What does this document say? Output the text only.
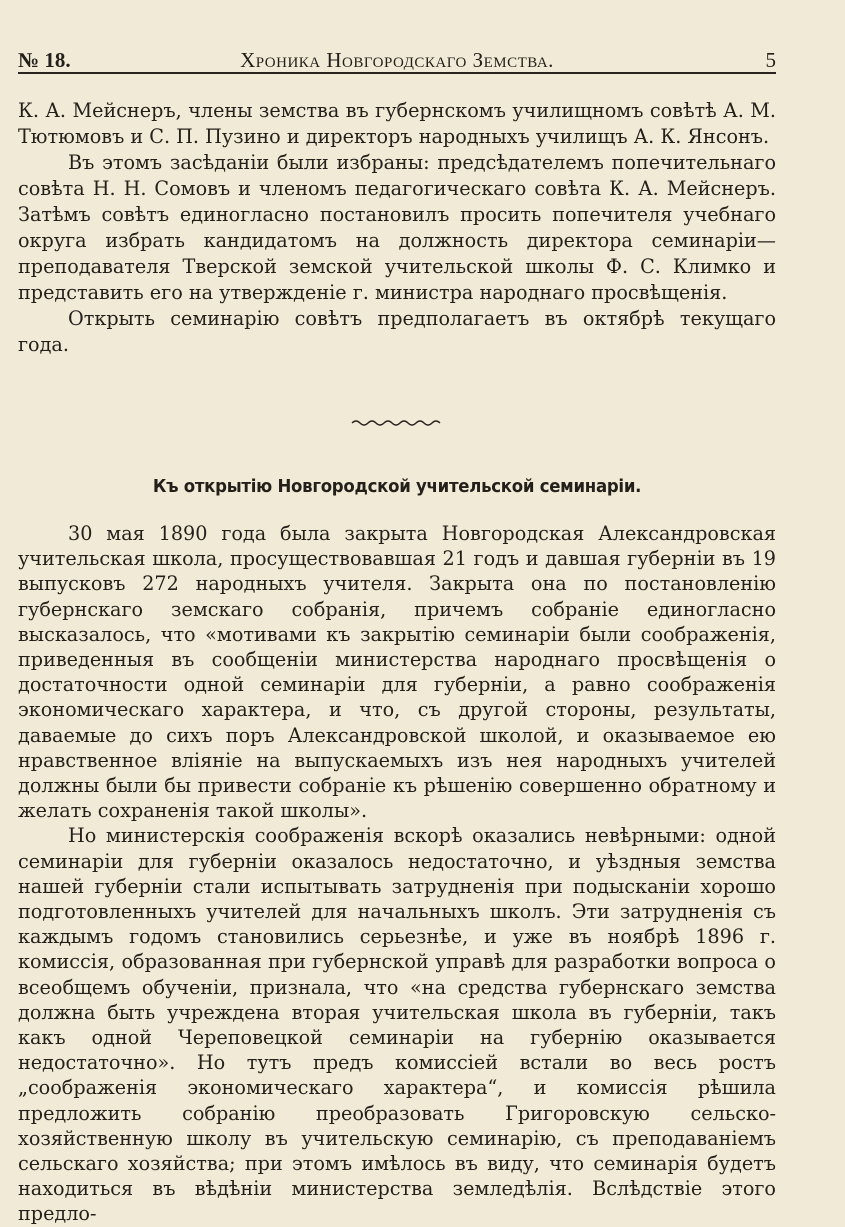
№ 18.	Хроника Новгородскаго Земства.	5

К. А. Мейснеръ, члены земства въ губернскомъ училищномъ совѣтѣ А. М. Тютюмовъ и С. П. Пузино и директоръ народныхъ училищъ А. К. Янсонъ.

Въ этомъ засѣданiи были избраны: предсѣдателемъ попечительнаго совѣта Н. Н. Сомовъ и членомъ педагогическаго совѣта К. А. Мейснеръ. Затѣмъ совѣтъ единогласно постановилъ просить попечителя учебнаго округа избрать кандидатомъ на должность директора семинарiи— преподавателя Тверской земской учительской школы Ф. С. Климко и представить его на утвержденiе г. министра народнаго просвѣщенiя.

Открыть семинарiю совѣтъ предполагаетъ въ октябрѣ текущаго года.

Къ открытiю Новгородской учительской семинарiи.

30 мая 1890 года была закрыта Новгородская Александровская учительская школа, просуществовавшая 21 годъ и давшая губернiи въ 19 выпусковъ 272 народныхъ учителя. Закрыта она по постановленiю губернскаго земскаго собранiя, причемъ собранiе единогласно высказалось, что «мотивами къ закрытiю семинарiи были соображенiя, приведенныя въ сообщенiи министерства народнаго просвѣщенiя о достаточности одной семинарiи для губернiи, а равно соображенiя экономическаго характера, и что, съ другой стороны, результаты, даваемые до сихъ поръ Александровской школой, и оказываемое ею нравственное влiянiе на выпускаемыхъ изъ нея народныхъ учителей должны были бы привести собранiе къ рѣшенiю совершенно обратному и желать сохраненiя такой школы».

Но министерскiя соображенiя вскорѣ оказались невѣрными: одной семинарiи для губернiи оказалось недостаточно, и уѣздныя земства нашей губернiи стали испытывать затрудненiя при подысканiи хорошо подготовленныхъ учителей для начальныхъ школъ. Эти затрудненiя съ каждымъ годомъ становились серьезнѣе, и уже въ ноябрѣ 1896 г. комиссiя, образованная при губернской управѣ для разработки вопроса о всеобщемъ обученiи, признала, что «на средства губернскаго земства должна быть учреждена вторая учительская школа въ губернiи, такъ какъ одной Череповецкой семинарiи на губернiю оказывается недостаточно». Но тутъ предъ комиссiей встали во весь ростъ „соображенiя экономическаго характера“, и комиссiя рѣшила предложить собранiю преобразовать Григоровскую сельско-хозяйственную школу въ учительскую семинарiю, съ преподаванiемъ сельскаго хозяйства; при этомъ имѣлось въ виду, что семинарiя будетъ находиться въ вѣдѣнiи министерства земледѣлiя. Вслѣдствiе этого предло-
